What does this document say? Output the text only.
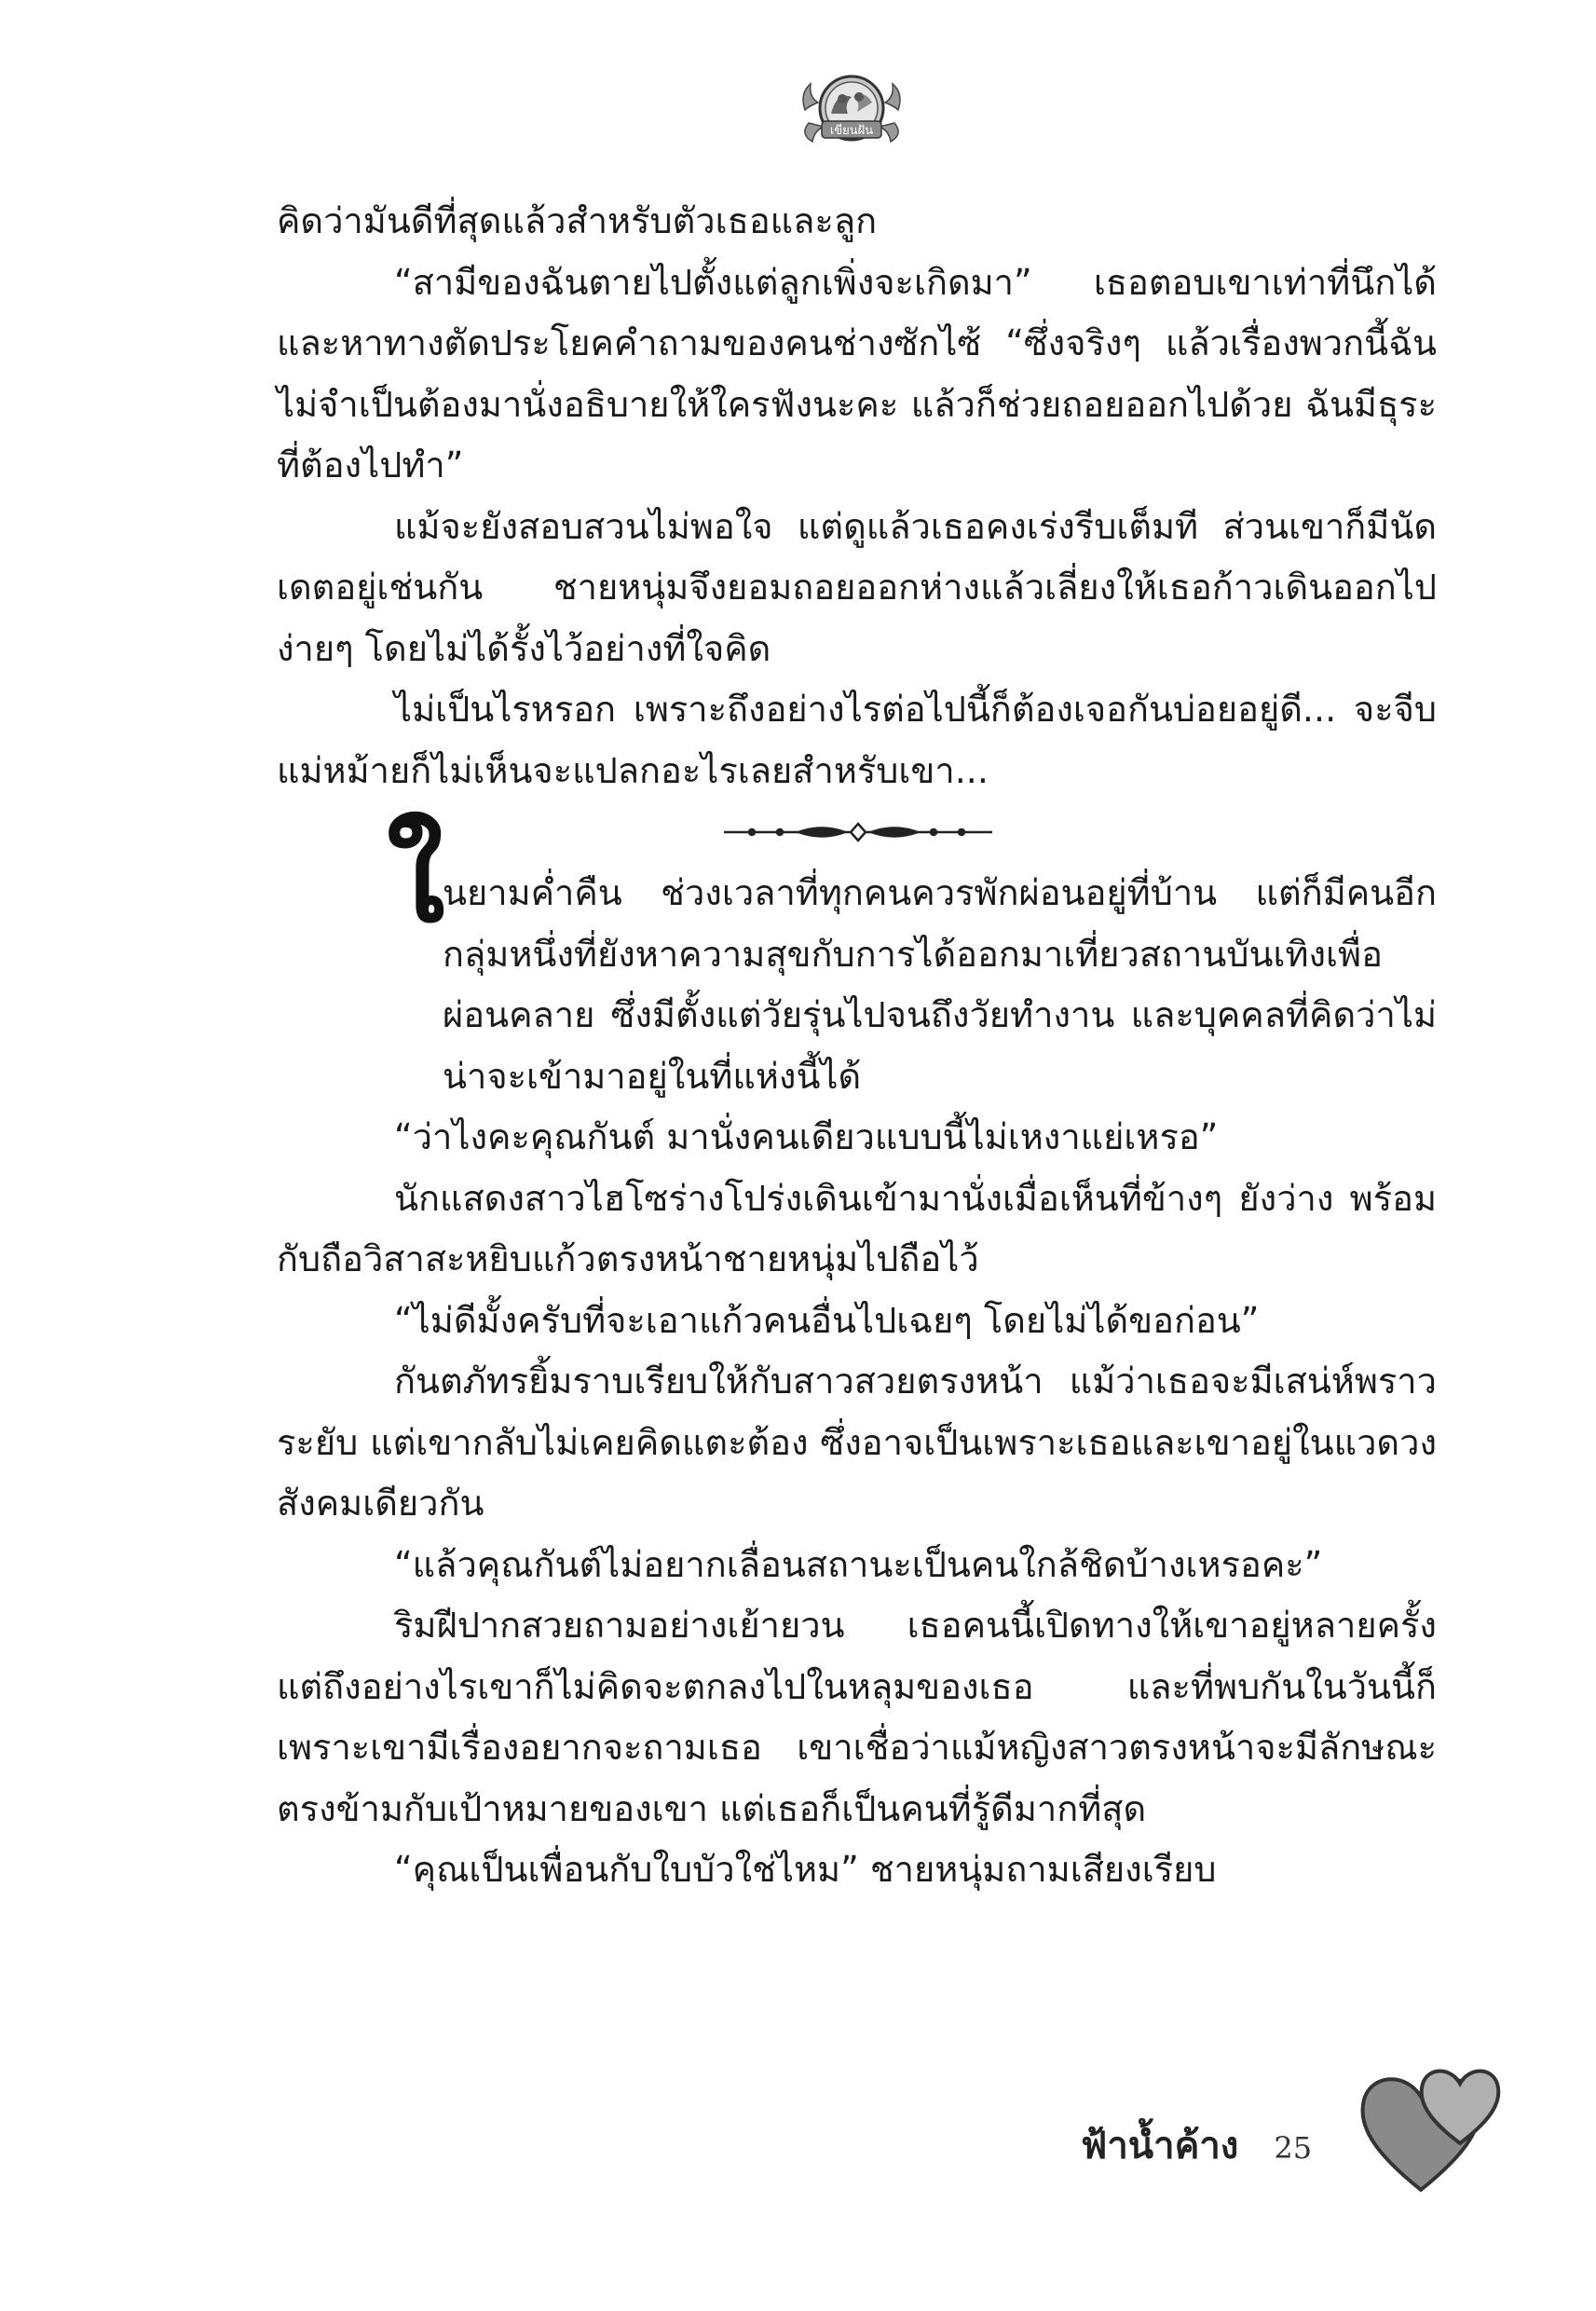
เขียนฝัน

คิดว่ามันดีที่สุดแล้วสำหรับตัวเธอและลูก

“สามีของฉันตายไปตั้งแต่ลูกเพิ่งจะเกิดมา” เธอตอบเขาเท่าที่นึกได้ และหาทางตัดประโยคคำถามของคนช่างซักไซ้ “ซึ่งจริงๆ แล้วเรื่องพวกนี้ฉันไม่จำเป็นต้องมานั่งอธิบายให้ใครฟังนะคะ แล้วก็ช่วยถอยออกไปด้วย ฉันมีธุระที่ต้องไปทำ”

แม้จะยังสอบสวนไม่พอใจ แต่ดูแล้วเธอคงเร่งรีบเต็มที ส่วนเขาก็มีนัดเดตอยู่เช่นกัน ชายหนุ่มจึงยอมถอยออกห่างแล้วเลี่ยงให้เธอก้าวเดินออกไปง่ายๆ โดยไม่ได้รั้งไว้อย่างที่ใจคิด

ไม่เป็นไรหรอก เพราะถึงอย่างไรต่อไปนี้ก็ต้องเจอกันบ่อยอยู่ดี... จะจีบแม่หม้ายก็ไม่เห็นจะแปลกอะไรเลยสำหรับเขา...

ใ

นยามค่ำคืน ช่วงเวลาที่ทุกคนควรพักผ่อนอยู่ที่บ้าน แต่ก็มีคนอีกกลุ่มหนึ่งที่ยังหาความสุขกับการได้ออกมาเที่ยวสถานบันเทิงเพื่อผ่อนคลาย ซึ่งมีตั้งแต่วัยรุ่นไปจนถึงวัยทำงาน และบุคคลที่คิดว่าไม่น่าจะเข้ามาอยู่ในที่แห่งนี้ได้

“ว่าไงคะคุณกันต์ มานั่งคนเดียวแบบนี้ไม่เหงาแย่เหรอ”

นักแสดงสาวไฮโซร่างโปร่งเดินเข้ามานั่งเมื่อเห็นที่ข้างๆ ยังว่าง พร้อมกับถือวิสาสะหยิบแก้วตรงหน้าชายหนุ่มไปถือไว้

“ไม่ดีมั้งครับที่จะเอาแก้วคนอื่นไปเฉยๆ โดยไม่ได้ขอก่อน”

กันตภัทรยิ้มราบเรียบให้กับสาวสวยตรงหน้า แม้ว่าเธอจะมีเสน่ห์พราวระยับ แต่เขากลับไม่เคยคิดแตะต้อง ซึ่งอาจเป็นเพราะเธอและเขาอยู่ในแวดวงสังคมเดียวกัน

“แล้วคุณกันต์ไม่อยากเลื่อนสถานะเป็นคนใกล้ชิดบ้างเหรอคะ”

ริมฝีปากสวยถามอย่างเย้ายวน เธอคนนี้เปิดทางให้เขาอยู่หลายครั้ง แต่ถึงอย่างไรเขาก็ไม่คิดจะตกลงไปในหลุมของเธอ และที่พบกันในวันนี้ก็เพราะเขามีเรื่องอยากจะถามเธอ เขาเชื่อว่าแม้หญิงสาวตรงหน้าจะมีลักษณะตรงข้ามกับเป้าหมายของเขา แต่เธอก็เป็นคนที่รู้ดีมากที่สุด

“คุณเป็นเพื่อนกับใบบัวใช่ไหม” ชายหนุ่มถามเสียงเรียบ

ฟ้าน้ำค้าง 25
